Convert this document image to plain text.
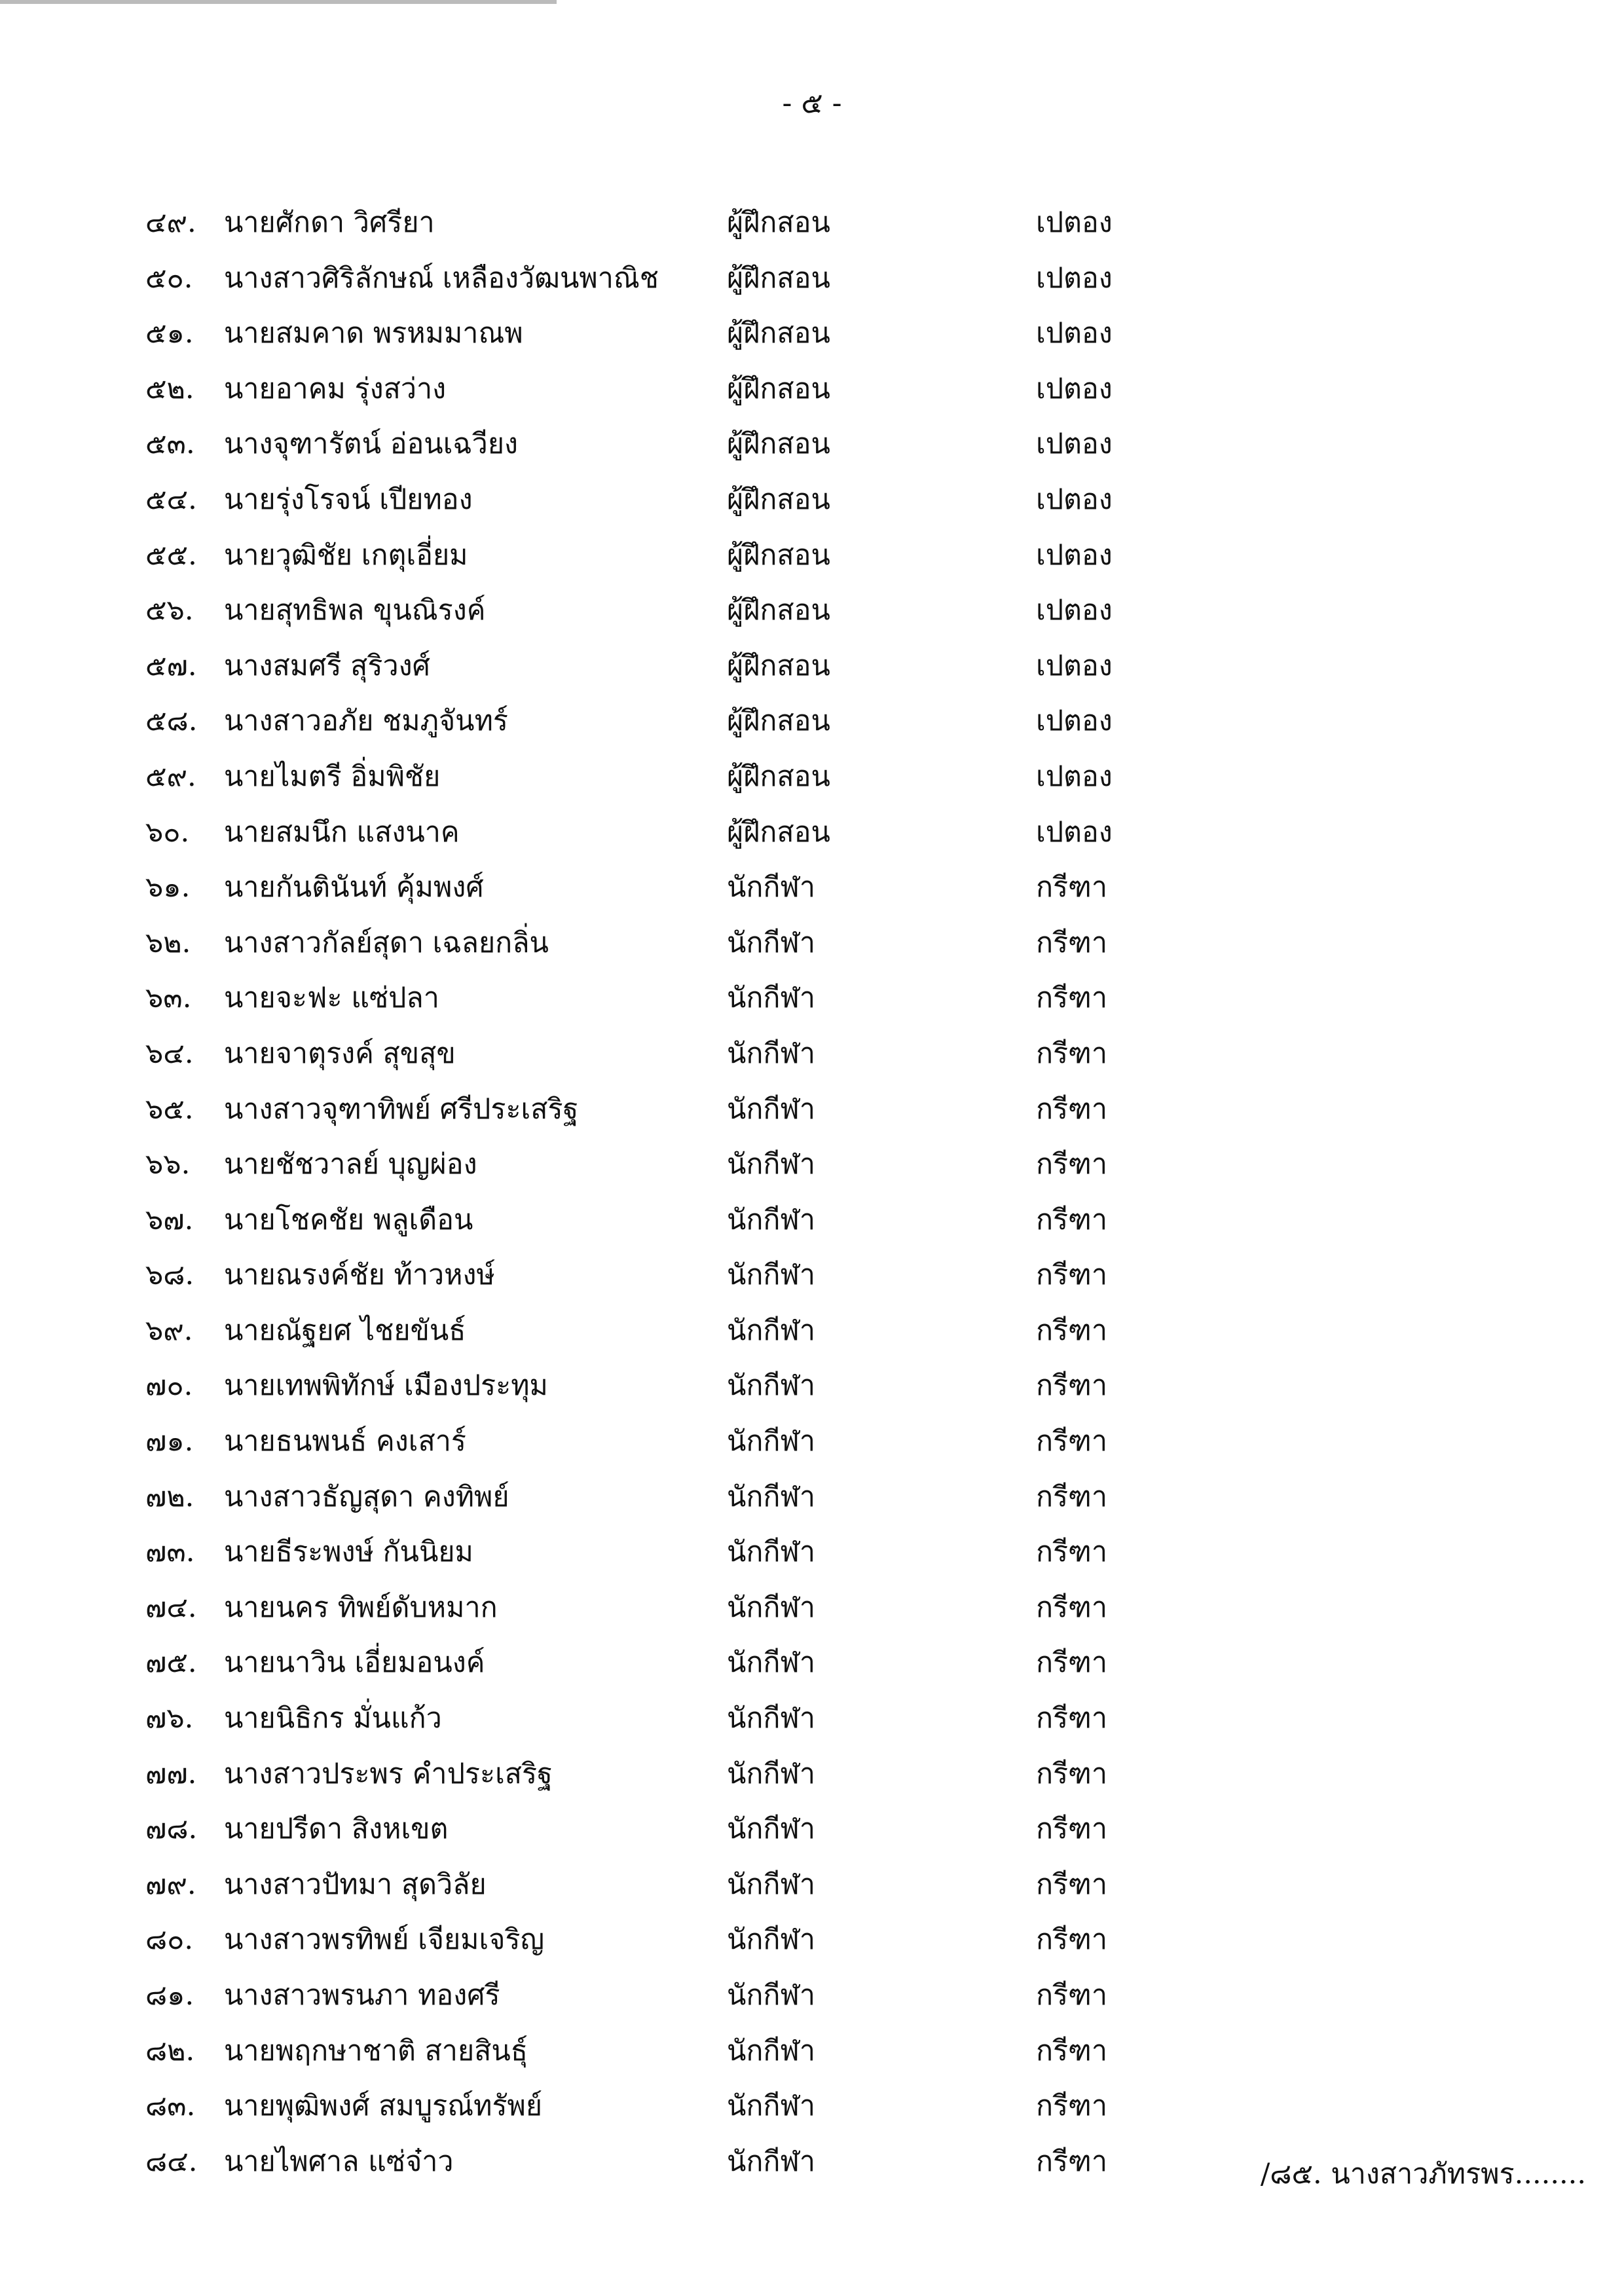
- ๕ -
๔๙. นายศักดา วิศรียา	ผู้ฝึกสอน	เปตอง
๕๐.	นางสาวศิริลักษณ์ เหลืองวัฒนพาณิช	ผู้ฝึกสอน	เปตอง
๕๑.	นายสมคาด พรหมมาณพ	ผู้ฝึกสอน	เปตอง
๕๒.	นายอาคม รุ่งสว่าง	ผู้ฝึกสอน	เปตอง
๕๓.	นางจุฑารัตน์ อ่อนเฉวียง	ผู้ฝึกสอน	เปตอง
๕๔. นายรุ่งโรจน์ เปียทอง	ผู้ฝึกสอน	เปตอง
๕๕. นายวุฒิชัย เกตุเอี่ยม	ผู้ฝึกสอน	เปตอง
๕๖.	นายสุทธิพล ขุนณิรงค์	ผู้ฝึกสอน	เปตอง
๕๗. นางสมศรี สุริวงศ์	ผู้ฝึกสอน	เปตอง
๕๘. นางสาวอภัย ชมภูจันทร์	ผู้ฝึกสอน	เปตอง
๕๙. นายไมตรี อิ่มพิชัย	ผู้ฝึกสอน	เปตอง
๖๐.	นายสมนึก แสงนาค	ผู้ฝึกสอน	เปตอง
๖๑.	นายกันตินันท์ คุ้มพงศ์	นักกีฬา	กรีฑา
๖๒.	นางสาวกัลย์สุดา เฉลยกลิ่น	นักกีฬา	กรีฑา
๖๓.	นายจะฟะ แซ่ปลา	นักกีฬา	กรีฑา
๖๔.	นายจาตุรงค์ สุขสุข	นักกีฬา	กรีฑา
๖๕.	นางสาวจุฑาทิพย์ ศรีประเสริฐ	นักกีฬา	กรีฑา
๖๖.	นายชัชวาลย์ บุญผ่อง	นักกีฬา	กรีฑา
๖๗.	นายโชคชัย พลูเดือน	นักกีฬา	กรีฑา
๖๘.	นายณรงค์ชัย ท้าวหงษ์	นักกีฬา	กรีฑา
๖๙.	นายณัฐยศ ไชยขันธ์	นักกีฬา	กรีฑา
๗๐.	นายเทพพิทักษ์ เมืองประทุม	นักกีฬา	กรีฑา
๗๑.	นายธนพนธ์ คงเสาร์	นักกีฬา	กรีฑา
๗๒.	นางสาวธัญสุดา คงทิพย์	นักกีฬา	กรีฑา
๗๓.	นายธีระพงษ์ กันนิยม	นักกีฬา	กรีฑา
๗๔. นายนคร ทิพย์ดับหมาก	นักกีฬา	กรีฑา
๗๕. นายนาวิน เอี่ยมอนงค์	นักกีฬา	กรีฑา
๗๖.	นายนิธิกร มั่นแก้ว	นักกีฬา	กรีฑา
๗๗. นางสาวประพร คำประเสริฐ	นักกีฬา	กรีฑา
๗๘. นายปรีดา สิงหเขต	นักกีฬา	กรีฑา
๗๙. นางสาวปัทมา สุดวิลัย	นักกีฬา	กรีฑา
๘๐.	นางสาวพรทิพย์ เจียมเจริญ	นักกีฬา	กรีฑา
๘๑.	นางสาวพรนภา ทองศรี	นักกีฬา	กรีฑา
๘๒.	นายพฤกษาชาติ สายสินธุ์	นักกีฬา	กรีฑา
๘๓.	นายพุฒิพงศ์ สมบูรณ์ทรัพย์	นักกีฬา	กรีฑา
๘๔. นายไพศาล แซ่จ๋าว	นักกีฬา	กรีฑา	/๘๕. นางสาวภัทรพร........
